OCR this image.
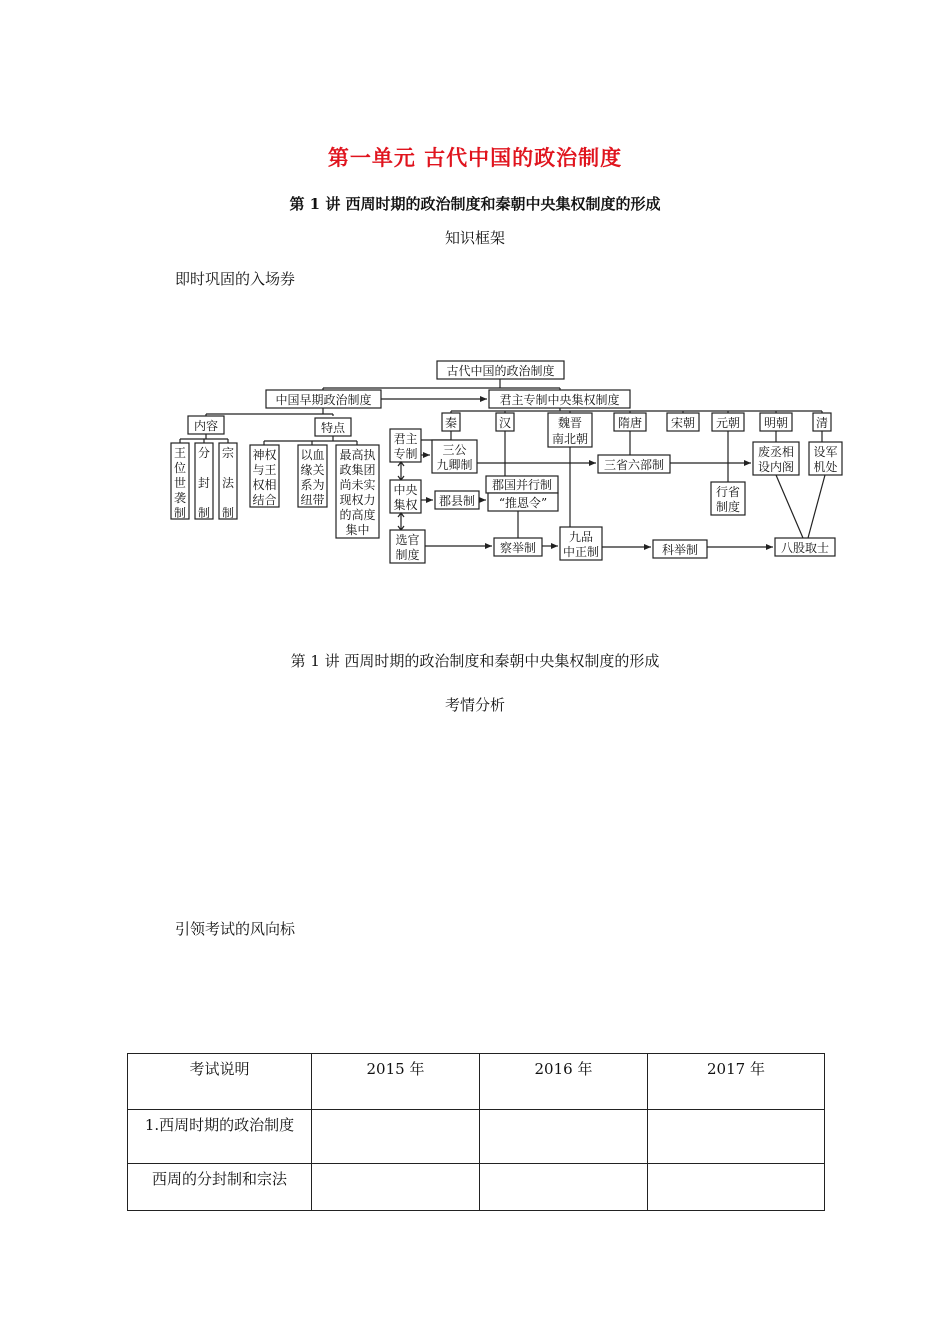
第一单元 古代中国的政治制度
第 1 讲 西周时期的政治制度和秦朝中央集权制度的形成
知识框架
即时巩固的入场券
古代中国的政治制度
中国早期政治制度	君主专制中央集权制度
内容	特点
王
位
世
袭
制
分
封
制
宗
法
制
神权
与王
权相
结合
以血
缘关
系为
纽带
最高执
政集团
尚未实
现权力
的高度
集中
秦	汉	魏晋
南北朝
隋唐 宋朝 元朝 明朝 清
君主
专制 三公
九卿制
中央
集权 郡县制
选官
制度
郡国并行制
“推恩令”
察举制
九品
中正制	科举制	八股取士
三省六部制
行省
制度
废丞相
设内阁
设军
机处
第 1 讲 西周时期的政治制度和秦朝中央集权制度的形成
考情分析
引领考试的风向标
考试说明	2015 年	2016 年	2017 年
1.西周时期的政治制度			
西周的分封制和宗法			
